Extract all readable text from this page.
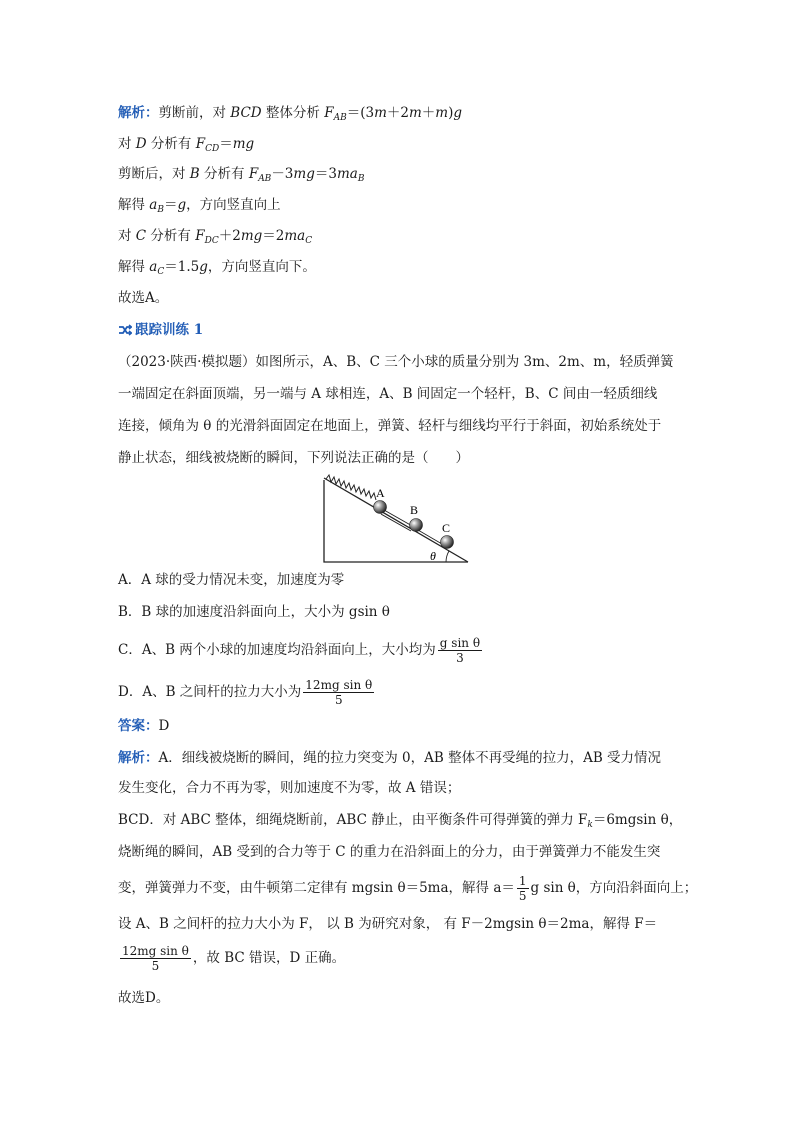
解析：剪断前，对 BCD 整体分析 $F_{AB}=(3m+2m+m)g$
对 D 分析有 $F_{CD}=mg$
剪断后，对 B 分析有 $F_{AB}-3mg=3ma_B$
解得 $a_B=g$，方向竖直向上
对 C 分析有 $F_{DC}+2mg=2ma_C$
解得 $a_C=1.5g$，方向竖直向下。
故选A。
跟踪训练 1
（2023·陕西·模拟题）如图所示，A、B、C 三个小球的质量分别为 3m、2m、m，轻质弹簧
一端固定在斜面顶端，另一端与 A 球相连，A、B 间固定一个轻杆，B、C 间由一轻质细线
连接，倾角为 θ 的光滑斜面固定在地面上，弹簧、轻杆与细线均平行于斜面，初始系统处于
静止状态，细线被烧断的瞬间，下列说法正确的是（　　）
A
B
C
θ
A．A 球的受力情况未变，加速度为零
B．B 球的加速度沿斜面向上，大小为 gsin θ
C．A、B 两个小球的加速度均沿斜面向上，大小均为 $\frac{\text{g sin θ}}{3}$
D．A、B 之间杆的拉力大小为 $\frac{\text{12mg sin θ}}{5}$
答案：D
解析：A．细线被烧断的瞬间，绳的拉力突变为 0，AB 整体不再受绳的拉力，AB 受力情况
发生变化，合力不再为零，则加速度不为零，故 A 错误；
BCD．对 ABC 整体，细绳烧断前，ABC 静止，由平衡条件可得弹簧的弹力 $F_k=6mgsin$ θ，
烧断绳的瞬间，AB 受到的合力等于 C 的重力在沿斜面上的分力，由于弹簧弹力不能发生突
变，弹簧弹力不变，由牛顿第二定律有 mgsin θ＝5ma，解得 $a= \frac{1}{5}$ g sin θ，方向沿斜面向上；
设 A、B 之间杆的拉力大小为 F， 以 B 为研究对象， 有 F－2mgsin θ＝2ma，解得 F＝
$\frac{\text{12mg sin θ}}{5}$ ，故 BC 错误，D 正确。
故选D。
